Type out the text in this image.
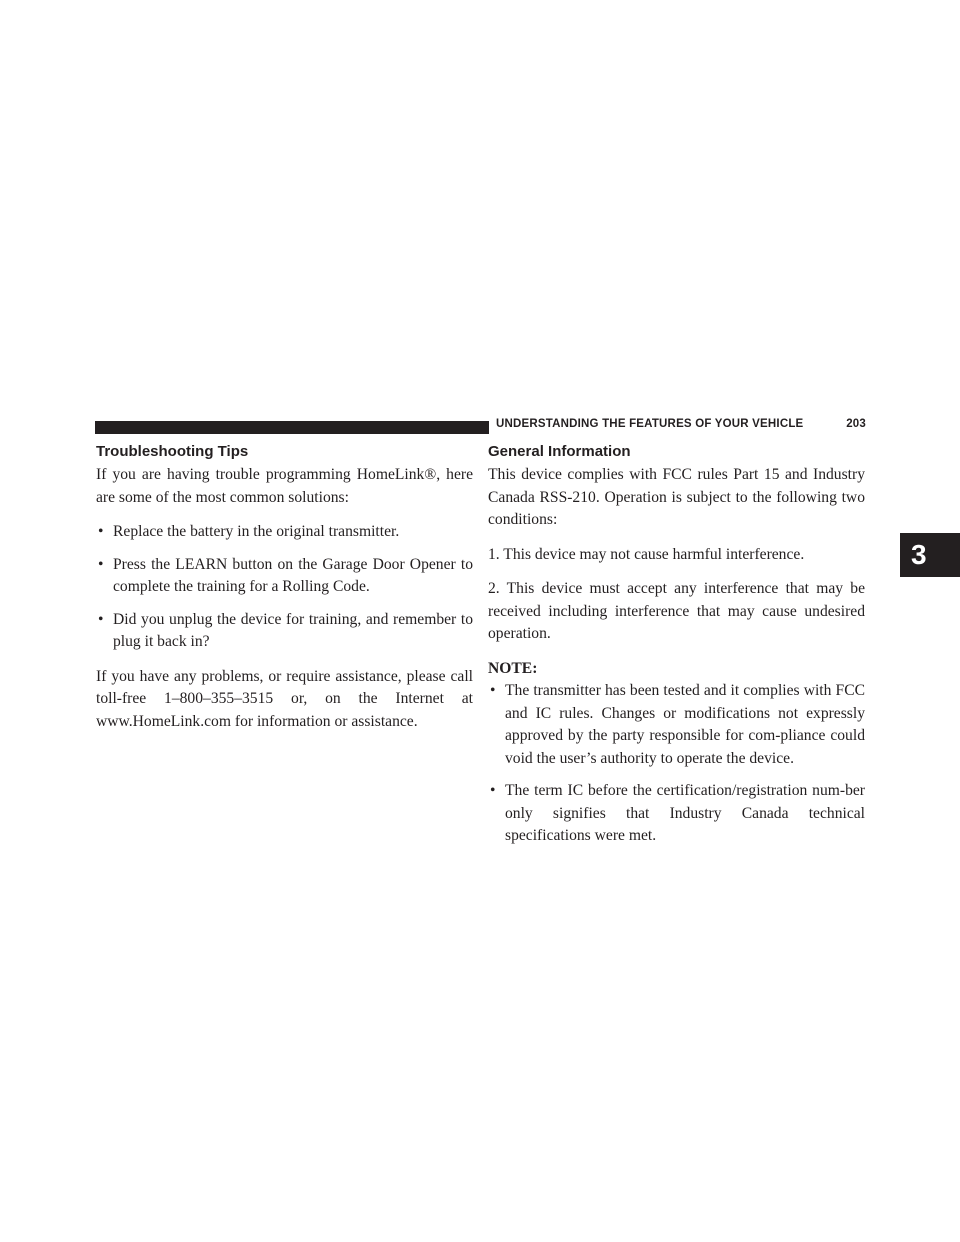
UNDERSTANDING THE FEATURES OF YOUR VEHICLE	203
3
Troubleshooting Tips

If you are having trouble programming HomeLink®, here are some of the most common solutions:

• Replace the battery in the original transmitter.
• Press the LEARN button on the Garage Door Opener to complete the training for a Rolling Code.
• Did you unplug the device for training, and remember to plug it back in?

If you have any problems, or require assistance, please call toll-free 1–800–355–3515 or, on the Internet at www.HomeLink.com for information or assistance.

General Information

This device complies with FCC rules Part 15 and Industry Canada RSS-210. Operation is subject to the following two conditions:

1. This device may not cause harmful interference.

2. This device must accept any interference that may be received including interference that may cause undesired operation.

NOTE:

• The transmitter has been tested and it complies with FCC and IC rules. Changes or modifications not expressly approved by the party responsible for com-pliance could void the user’s authority to operate the device.
• The term IC before the certification/registration num-ber only signifies that Industry Canada technical specifications were met.
